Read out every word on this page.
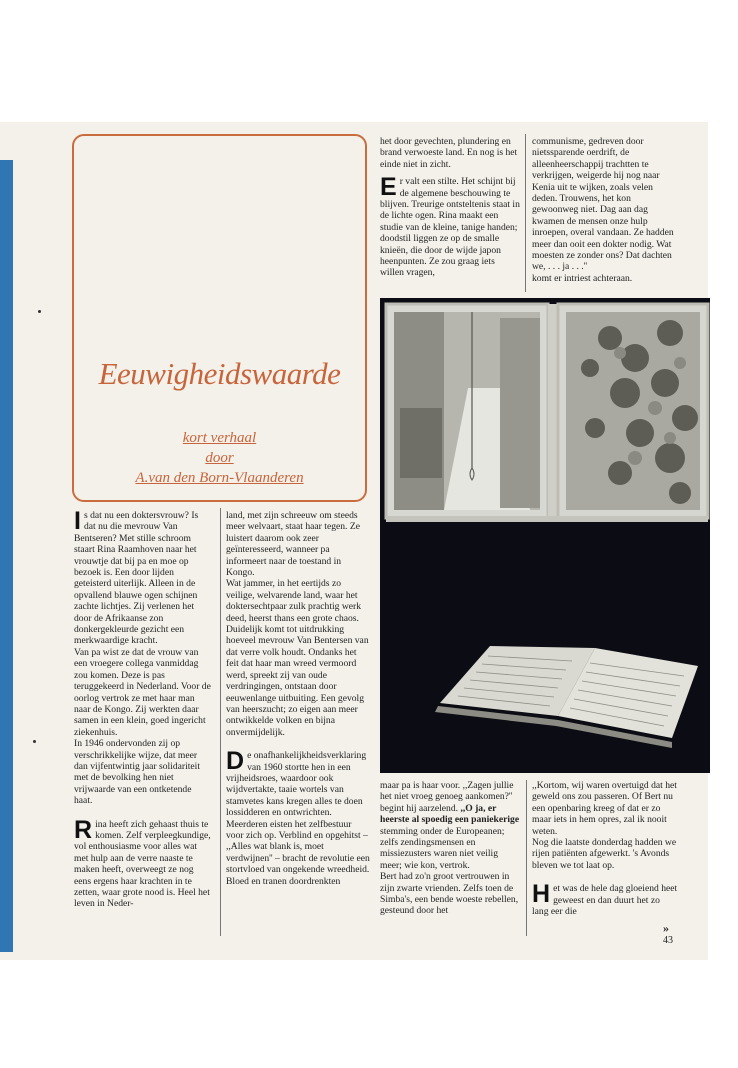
Eeuwigheidswaarde
kort verhaal
door
A.van den Born-Vlaanderen

Is dat nu een doktersvrouw? Is dat nu die mevrouw Van Bentseren? Met stille schroom staart Rina Raamhoven naar het vrouwtje dat bij pa en moe op bezoek is. Een door lijden geteisterd uiterlijk. Alleen in de opvallend blauwe ogen schijnen zachte lichtjes. Zij verlenen het door de Afrikaanse zon donkergekleurde gezicht een merkwaardige kracht.

Van pa wist ze dat de vrouw van een vroegere collega vanmiddag zou komen. Deze is pas teruggekeerd in Nederland. Voor de oorlog vertrok ze met haar man naar de Kongo. Zij werkten daar samen in een klein, goed ingericht ziekenhuis.

In 1946 ondervonden zij op verschrikkelijke wijze, dat meer dan vijfentwintig jaar solidariteit met de bevolking hen niet vrijwaarde van een ontketende haat.

Rina heeft zich gehaast thuis te komen. Zelf verpleegkundige, vol enthousiasme voor alles wat met hulp aan de verre naaste te maken heeft, overweegt ze nog eens ergens haar krachten in te zetten, waar grote nood is. Heel het leven in Neder-

land, met zijn schreeuw om steeds meer welvaart, staat haar tegen. Ze luistert daarom ook zeer geïnteresseerd, wanneer pa informeert naar de toestand in Kongo.

Wat jammer, in het eertijds zo veilige, welvarende land, waar het doktersechtpaar zulk prachtig werk deed, heerst thans een grote chaos. Duidelijk komt tot uitdrukking hoeveel mevrouw Van Bentersen van dat verre volk houdt. Ondanks het feit dat haar man wreed vermoord werd, spreekt zij van oude verdringingen, ontstaan door eeuwenlange uitbuiting. Een gevolg van heerszucht; zo eigen aan meer ontwikkelde volken en bijna onvermijdelijk.

De onafhankelijkheidsverklaring van 1960 stortte hen in een vrijheidsroes, waardoor ook wijdvertakte, taaie wortels van stamvetes kans kregen alles te doen lossidderen en ontwrichten. Meerderen eisten het zelfbestuur voor zich op. Verblind en opgehitst – ,,Alles wat blank is, moet verdwijnen'' – bracht de revolutie een stortvloed van ongekende wreedheid.

Bloed en tranen doordrenkten

het door gevechten, plundering en brand verwoeste land. En nog is het einde niet in zicht.

Er valt een stilte. Het schijnt bij de algemene beschouwing te blijven. Treurige ontsteltenis staat in de lichte ogen. Rina maakt een studie van de kleine, tanige handen; doodstil liggen ze op de smalle knieën, die door de wijde japon heenpunten. Ze zou graag iets willen vragen,

communisme, gedreven door nietssparende oerdrift, de alleenheerschappij trachtten te verkrijgen, weigerde hij nog naar Kenia uit te wijken, zoals velen deden. Trouwens, het kon gewoonweg niet. Dag aan dag kwamen de mensen onze hulp inroepen, overal vandaan. Ze hadden meer dan ooit een dokter nodig. Wat moesten ze zonder ons? Dat dachten we, . . . ja . . .''

komt er intriest achteraan.

maar pa is haar voor. ,,Zagen jullie het niet vroeg genoeg aankomen?'' begint hij aarzelend. ,,O ja, er heerste al spoedig een paniekerige stemming onder de Europeanen; zelfs zendingsmensen en missiezusters waren niet veilig meer; wie kon, vertrok.

Bert had zo'n groot vertrouwen in zijn zwarte vrienden. Zelfs toen de Simba's, een bende woeste rebellen, gesteund door het

,,Kortom, wij waren overtuigd dat het geweld ons zou passeren. Of Bert nu een openbaring kreeg of dat er zo maar iets in hem opres, zal ik nooit weten.

Nog die laatste donderdag hadden we rijen patiënten afgewerkt. 's Avonds bleven we tot laat op.

Het was de hele dag gloeiend heet geweest en dan duurt het zo lang eer die

»
43
